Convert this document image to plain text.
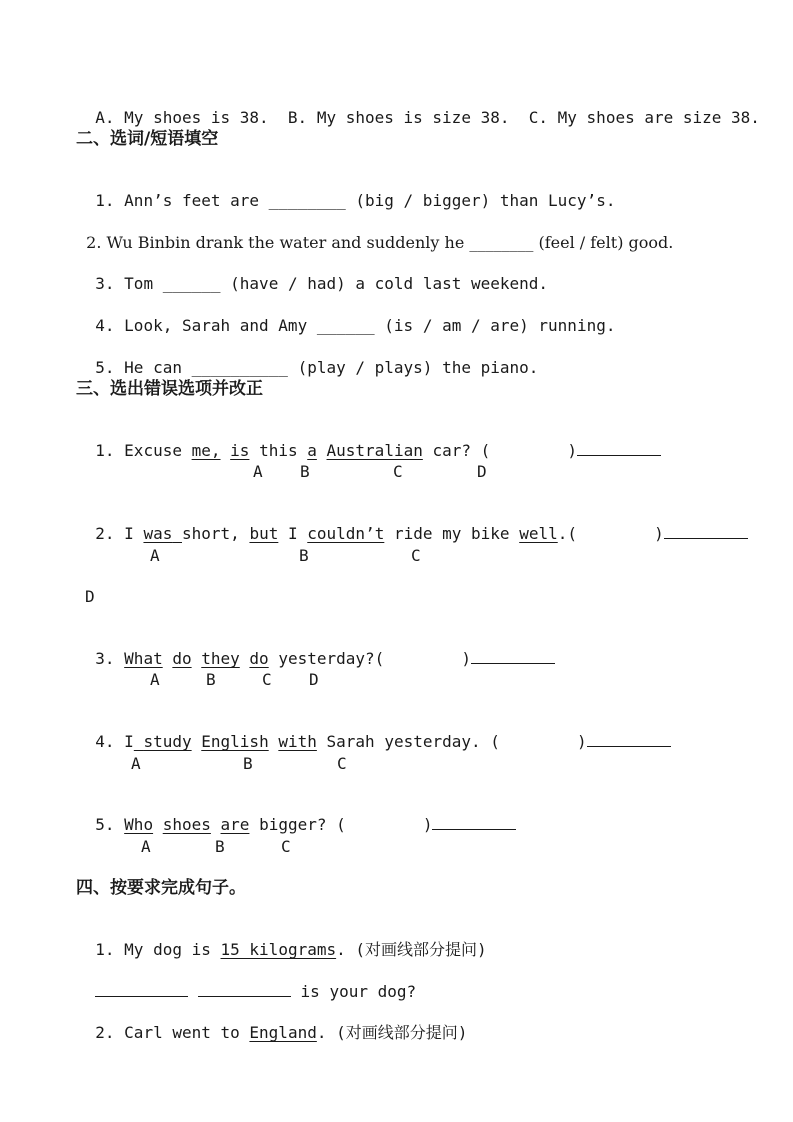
A. My shoes is 38. B. My shoes is size 38. C. My shoes are size 38.

二、选词/短语填空

1. Ann’s feet are ________ (big / bigger) than Lucy’s.

2. Wu Binbin drank the water and suddenly he ________ (feel / felt) good.

3. Tom ______ (have / had) a cold last weekend.

4. Look, Sarah and Amy ______ (is / am / are) running.

5. He can __________ (play / plays) the piano.

三、选出错误选项并改正

1. Excuse me, is this a Australian car? (	)

A B	C	D

2. I was short, but I couldn’t ride my bike well.(	)

A	B	C
D

3. What do they do yesterday?(	)

A	B	C D

4. I study English with Sarah yesterday. (	)

A	B	C

5. Who shoes are bigger? (	)

A	B	C
四、按要求完成句子。

1. My dog is 15 kilograms. (对画线部分提问)

is your dog?

2. Carl went to England. (对画线部分提问)
